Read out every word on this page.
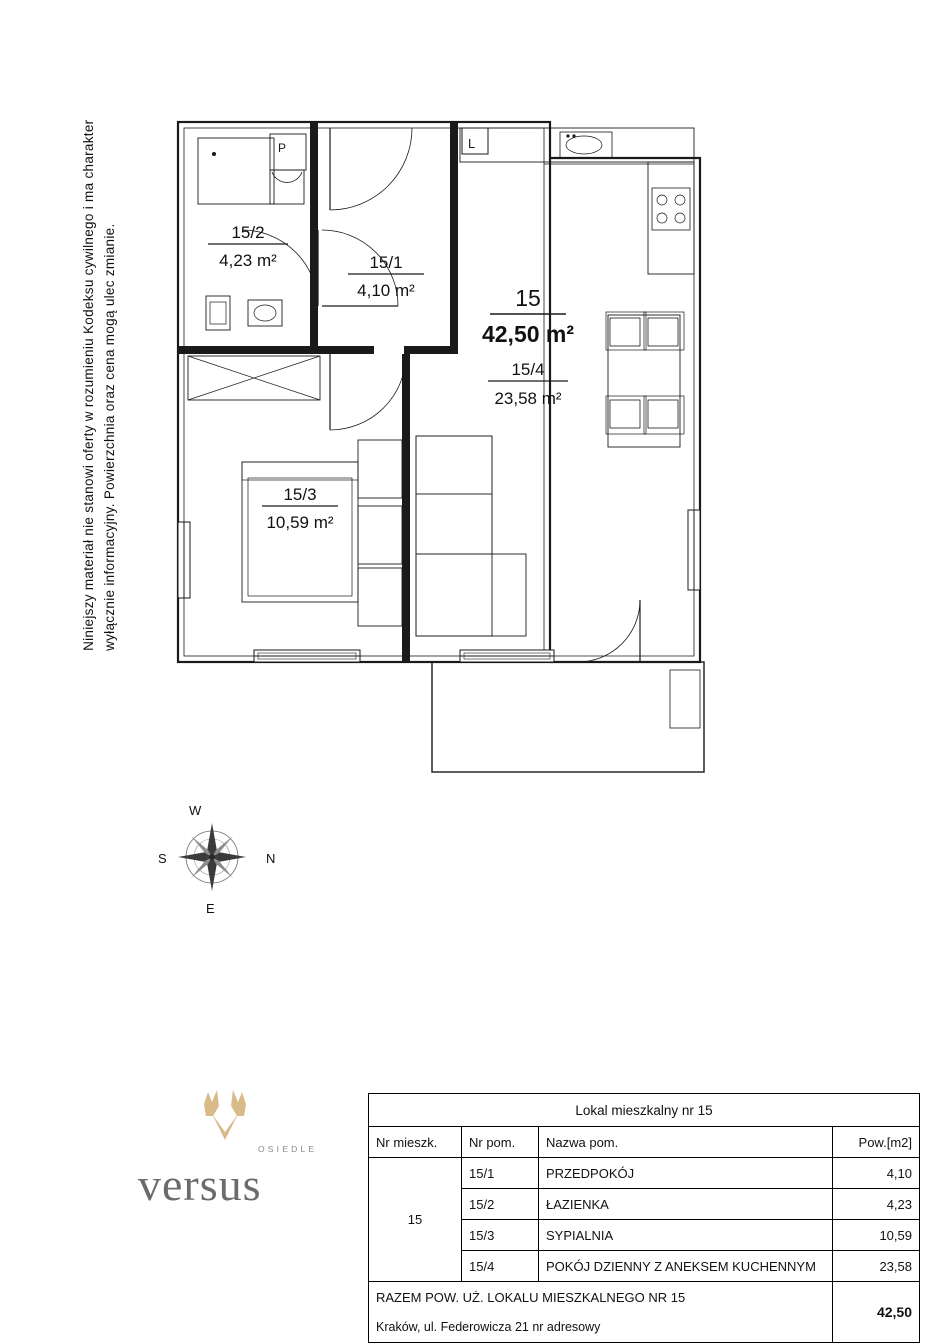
Niniejszy materiał nie stanowi oferty w rozumieniu Kodeksu cywilnego i ma charakter wyłącznie informacyjny. Powierzchnia oraz cena mogą ulec zmianie.
P	L
15/2
4,23 m²	15/1
4,10 m²
15/3
10,59 m²
15
42,50 m²
15/4
23,58 m²
W
N
S
E
versus
OSIEDLE
Lokal mieszkalny nr 15			
Nr mieszk.	Nr pom.	Nazwa pom.	Pow.[m2]
15	15/1	PRZEDPOKÓJ	4,10
	15/2	ŁAZIENKA	4,23
	15/3	SYPIALNIA	10,59
	15/4	POKÓJ DZIENNY Z ANEKSEM KUCHENNYM	23,58
RAZEM POW. UŻ. LOKALU MIESZKALNEGO NR 15			42,50
Kraków, ul. Federowicza 21 nr adresowy			
